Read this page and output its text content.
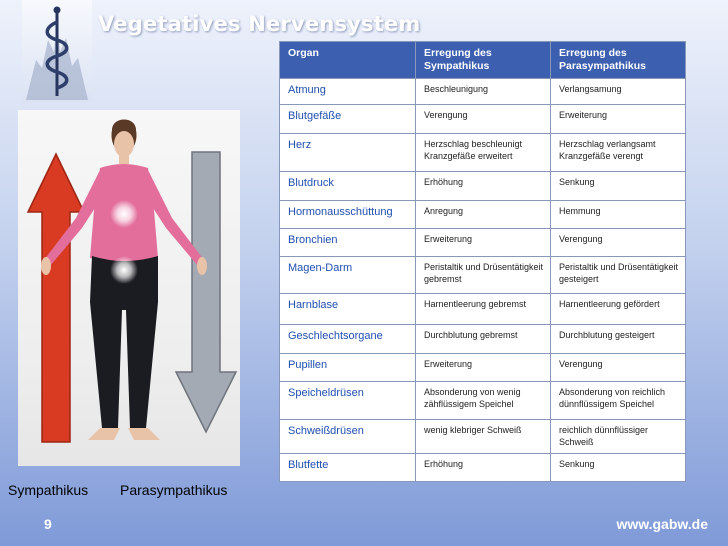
Vegetatives Nervensystem
Sympathikus Parasympathikus
Organ	Erregung des Sympathikus	Erregung des Parasympathikus
Atmung	Beschleunigung	Verlangsamung
Blutgefäße	Verengung	Erweiterung
Herz	Herzschlag beschleunigt Kranzgefäße erweitert	Herzschlag verlangsamt Kranzgefäße verengt
Blutdruck	Erhöhung	Senkung
Hormonausschüttung	Anregung	Hemmung
Bronchien	Erweiterung	Verengung
Magen-Darm	Peristaltik und Drüsentätigkeit gebremst	Peristaltik und Drüsentätigkeit gesteigert
Harnblase	Harnentleerung gebremst	Harnentleerung gefördert
Geschlechtsorgane	Durchblutung gebremst	Durchblutung gesteigert
Pupillen	Erweiterung	Verengung
Speicheldrüsen	Absonderung von wenig zähflüssigem Speichel	Absonderung von reichlich dünnflüssigem Speichel
Schweißdrüsen	wenig klebriger Schweiß	reichlich dünnflüssiger Schweiß
Blutfette	Erhöhung	Senkung
9	www.gabw.de
